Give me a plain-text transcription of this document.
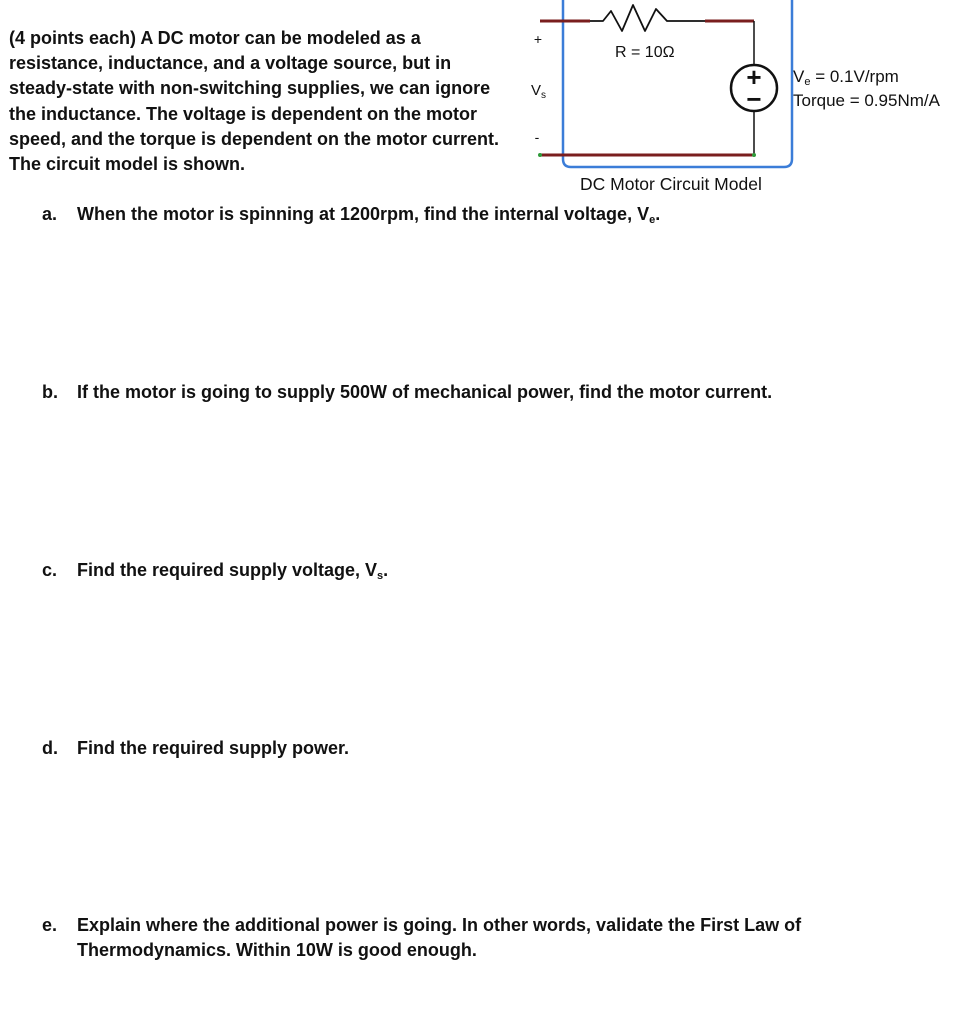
(4 points each) A DC motor can be modeled as a
resistance, inductance, and a voltage source, but in
steady-state with non-switching supplies, we can ignore
the inductance. The voltage is dependent on the motor
speed, and the torque is dependent on the motor current.
The circuit model is shown.

+
−
+
$V_s$
-
R = 10Ω
Ve = 0.1V/rpm
Torque = 0.95Nm/A
DC Motor Circuit Model
a. When the motor is spinning at 1200rpm, find the internal voltage, $V_e$.
b. If the motor is going to supply 500W of mechanical power, find the motor current.
c. Find the required supply voltage, $V_s$.
d. Find the required supply power.
e. Explain where the additional power is going. In other words, validate the First Law of
Thermodynamics. Within 10W is good enough.
